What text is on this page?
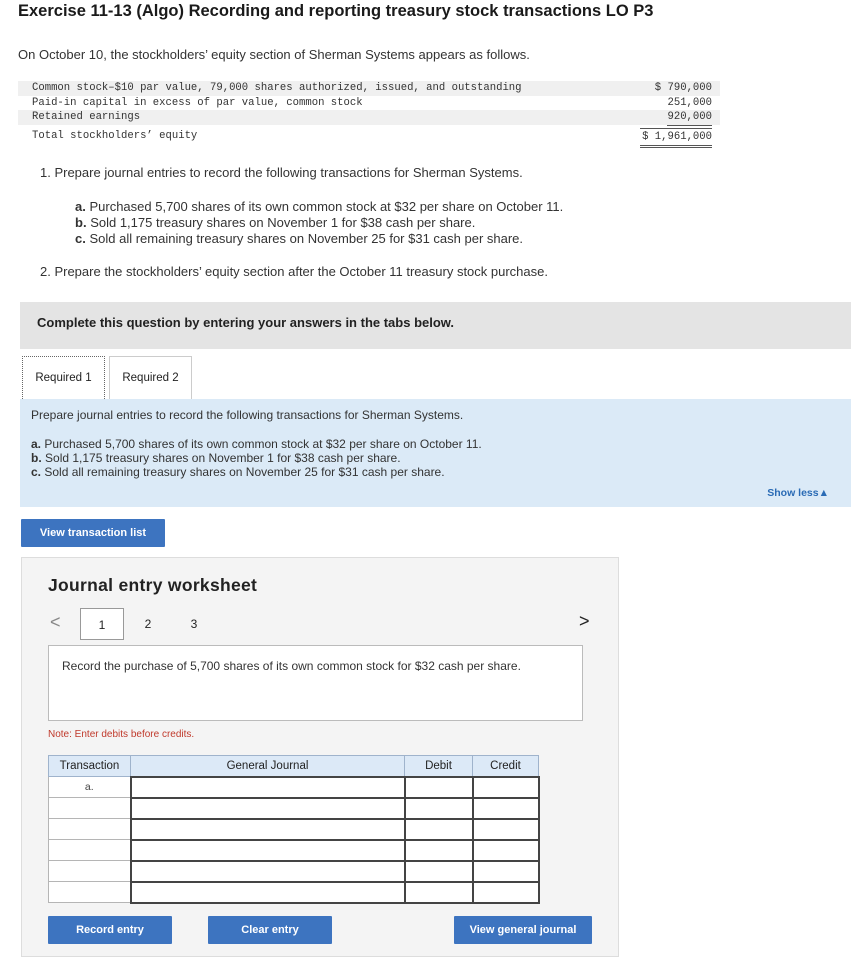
Exercise 11-13 (Algo) Recording and reporting treasury stock transactions LO P3
On October 10, the stockholders’ equity section of Sherman Systems appears as follows.
Common stock–$10 par value, 79,000 shares authorized, issued, and outstanding	$ 790,000
Paid-in capital in excess of par value, common stock	251,000
Retained earnings	920,000
Total stockholders’ equity	$ 1,961,000
1. Prepare journal entries to record the following transactions for Sherman Systems.
a. Purchased 5,700 shares of its own common stock at $32 per share on October 11.
b. Sold 1,175 treasury shares on November 1 for $38 cash per share.
c. Sold all remaining treasury shares on November 25 for $31 cash per share.
2. Prepare the stockholders’ equity section after the October 11 treasury stock purchase.
Complete this question by entering your answers in the tabs below.
Required 1	Required 2
Prepare journal entries to record the following transactions for Sherman Systems.
a. Purchased 5,700 shares of its own common stock at $32 per share on October 11.
b. Sold 1,175 treasury shares on November 1 for $38 cash per share.
c. Sold all remaining treasury shares on November 25 for $31 cash per share.
Show less▲
View transaction list
Journal entry worksheet
<	1	2	3	>
Record the purchase of 5,700 shares of its own common stock for $32 cash per share.
Note: Enter debits before credits.
Transaction	General Journal	Debit	Credit
a.			

Record entry	Clear entry	View general journal
